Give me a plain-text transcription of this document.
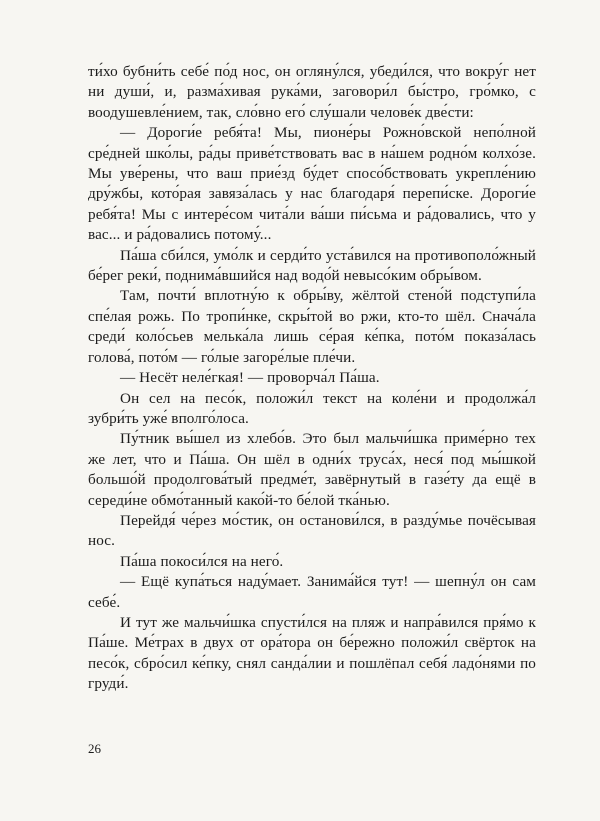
ти́хо бубни́ть себе́ по́д нос, он огляну́лся, убеди́лся, что вокру́г нет ни души́, и, разма́хивая рука́ми, заговори́л бы́стро, гро́мко, с воодушевле́нием, так, сло́вно его́ слу́шали челове́к две́сти:

— Дороги́е ребя́та! Мы, пионе́ры Рожно́вской непо́лной сре́дней шко́лы, ра́ды приве́тствовать вас в на́шем родно́м колхо́зе. Мы уве́рены, что ваш прие́зд бу́дет спосо́бствовать укрепле́нию дру́жбы, кото́рая завяза́лась у нас благодаря́ перепи́ске. Дороги́е ребя́та! Мы с интере́сом чита́ли ва́ши пи́сьма и ра́довались, что у вас... и ра́довались потому́...

Па́ша сби́лся, умо́лк и серди́то уста́вился на противополо́жный бе́рег реки́, поднима́вшийся над водо́й невысо́ким обры́вом.

Там, почти́ вплотну́ю к обры́ву, жёлтой стено́й подступи́ла спе́лая рожь. По тропи́нке, скры́той во ржи, кто-то шёл. Снача́ла среди́ коло́сьев мелька́ла лишь се́рая ке́пка, пото́м показа́лась голова́, пото́м — го́лые загоре́лые пле́чи.

— Несёт неле́гкая! — проворча́л Па́ша.

Он сел на песо́к, положи́л текст на коле́ни и продолжа́л зубри́ть уже́ вполго́лоса.

Пу́тник вы́шел из хлебо́в. Это был мальчи́шка приме́рно тех же лет, что и Па́ша. Он шёл в одни́х труса́х, неся́ под мы́шкой большо́й продолгова́тый предме́т, завёрнутый в газе́ту да ещё в середи́не обмо́танный како́й-то бе́лой тка́нью.

Перейдя́ че́рез мо́стик, он останови́лся, в разду́мье почёсывая нос.

Па́ша покоси́лся на него́.

— Ещё купа́ться наду́мает. Занима́йся тут! — шепну́л он сам себе́.

И тут же мальчи́шка спусти́лся на пляж и напра́вился пря́мо к Па́ше. Ме́трах в двух от ора́тора он бе́режно положи́л свёрток на песо́к, сбро́сил ке́пку, снял санда́лии и пошлёпал себя́ ладо́нями по груди́.

26
